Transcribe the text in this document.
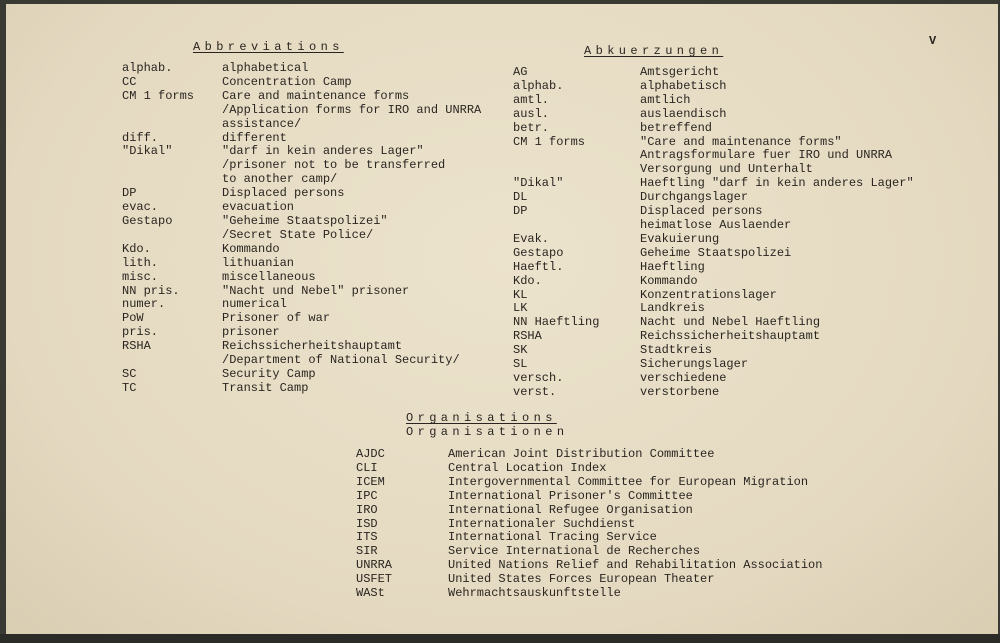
V
Abbreviations
alphab.	alphabetical
CC	Concentration Camp
CM 1 forms	Care and maintenance forms
/Application forms for IRO and UNRRA
assistance/
diff.	different
"Dikal"	"darf in kein anderes Lager"
/prisoner not to be transferred
to another camp/
DP	Displaced persons
evac.	evacuation
Gestapo	"Geheime Staatspolizei"
/Secret State Police/
Kdo.	Kommando
lith.	lithuanian
misc.	miscellaneous
NN pris.	"Nacht und Nebel" prisoner
numer.	numerical
PoW	Prisoner of war
pris.	prisoner
RSHA	Reichssicherheitshauptamt
/Department of National Security/
SC	Security Camp
TC	Transit Camp
Abkuerzungen
AG	Amtsgericht
alphab.	alphabetisch
amtl.	amtlich
ausl.	auslaendisch
betr.	betreffend
CM 1 forms	"Care and maintenance forms"
Antragsformulare fuer IRO und UNRRA
Versorgung und Unterhalt
"Dikal"	Haeftling "darf in kein anderes Lager"
DL	Durchgangslager
DP	Displaced persons
heimatlose Auslaender
Evak.	Evakuierung
Gestapo	Geheime Staatspolizei
Haeftl.	Haeftling
Kdo.	Kommando
KL	Konzentrationslager
LK	Landkreis
NN Haeftling	Nacht und Nebel Haeftling
RSHA	Reichssicherheitshauptamt
SK	Stadtkreis
SL	Sicherungslager
versch.	verschiedene
verst.	verstorbene
Organisations
Organisationen
AJDC	American Joint Distribution Committee
CLI	Central Location Index
ICEM	Intergovernmental Committee for European Migration
IPC	International Prisoner's Committee
IRO	International Refugee Organisation
ISD	Internationaler Suchdienst
ITS	International Tracing Service
SIR	Service International de Recherches
UNRRA	United Nations Relief and Rehabilitation Association
USFET	United States Forces European Theater
WASt	Wehrmachtsauskunftstelle
